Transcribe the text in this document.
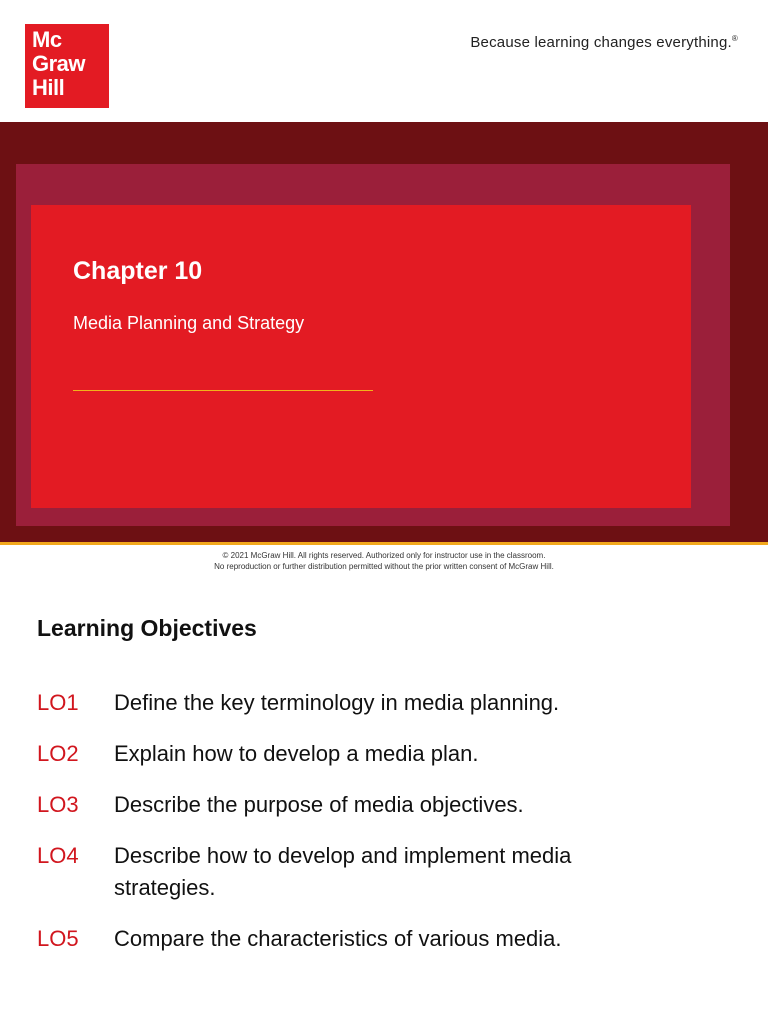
Mc
Graw
Hill
Because learning changes everything.®
Chapter 10

Media Planning and Strategy

© 2021 McGraw Hill. All rights reserved. Authorized only for instructor use in the classroom.
No reproduction or further distribution permitted without the prior written consent of McGraw Hill.
Learning Objectives
LO1	Define the key terminology in media planning.
LO2	Explain how to develop a media plan.
LO3	Describe the purpose of media objectives.
LO4	Describe how to develop and implement media strategies.
LO5	Compare the characteristics of various media.
